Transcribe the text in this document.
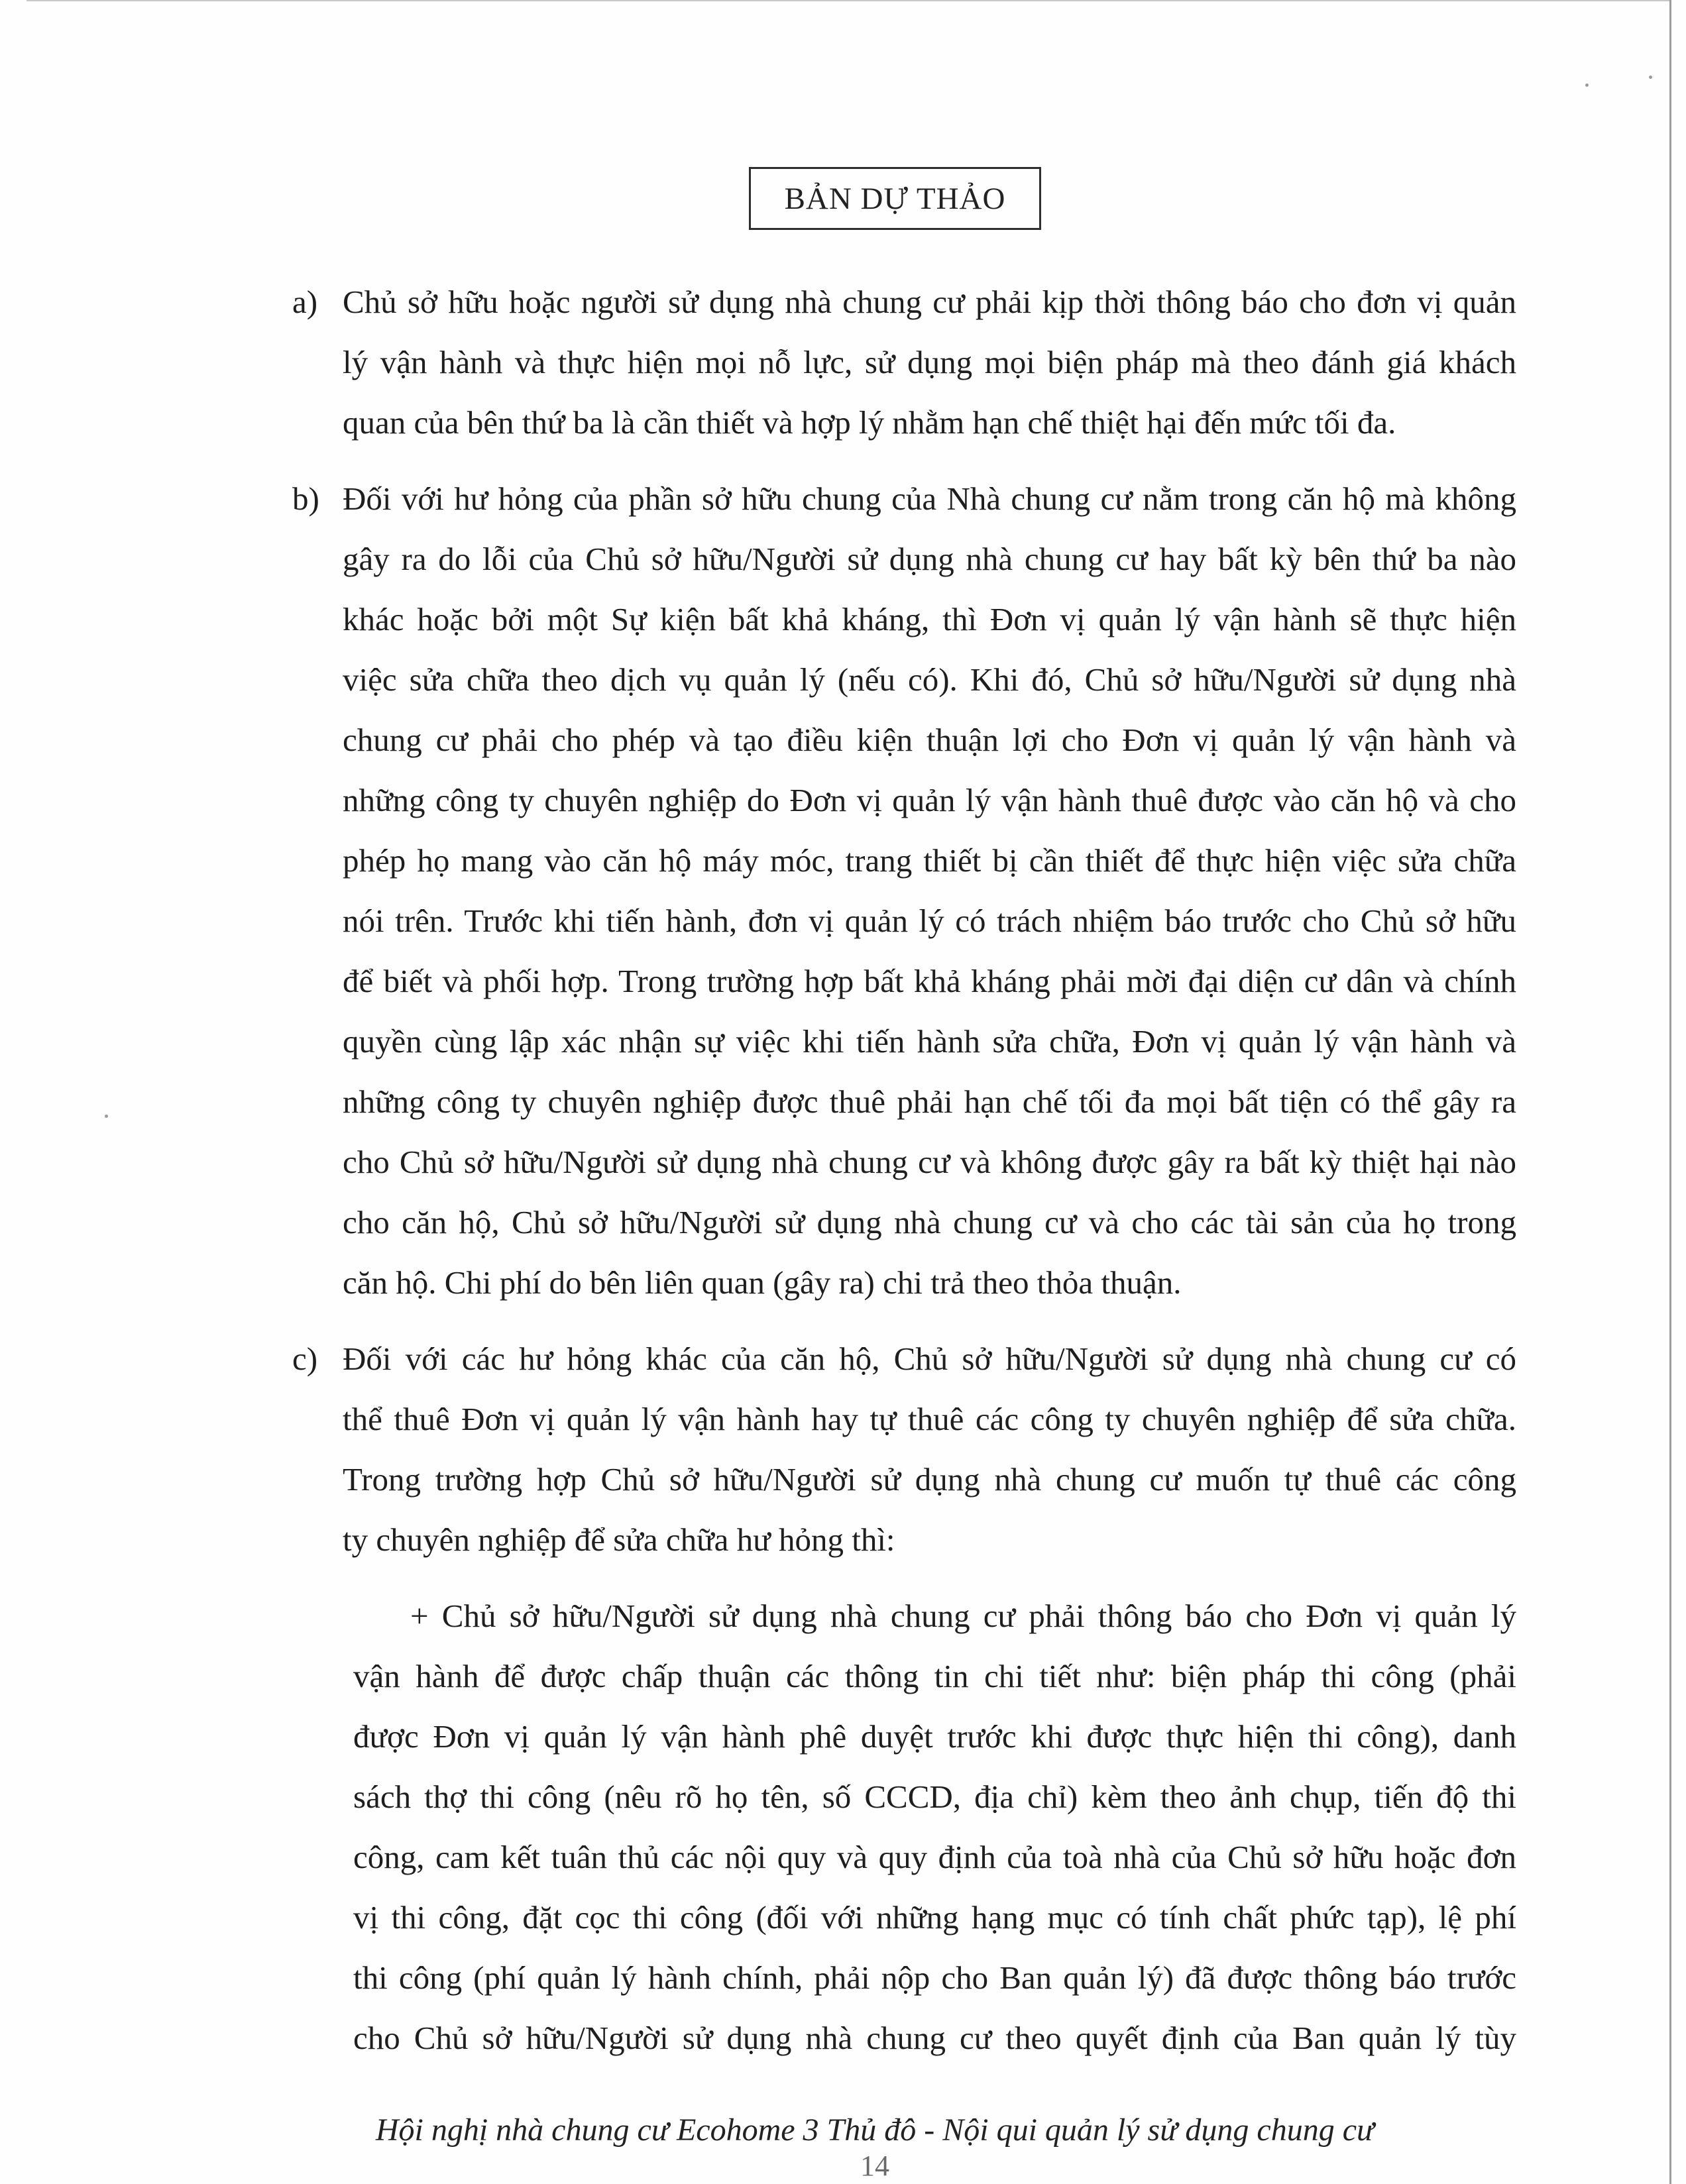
BẢN DỰ THẢO
a) Chủ sở hữu hoặc người sử dụng nhà chung cư phải kịp thời thông báo cho đơn vị quản
lý vận hành và thực hiện mọi nỗ lực, sử dụng mọi biện pháp mà theo đánh giá khách
quan của bên thứ ba là cần thiết và hợp lý nhằm hạn chế thiệt hại đến mức tối đa.
b) Đối với hư hỏng của phần sở hữu chung của Nhà chung cư nằm trong căn hộ mà không
gây ra do lỗi của Chủ sở hữu/Người sử dụng nhà chung cư hay bất kỳ bên thứ ba nào
khác hoặc bởi một Sự kiện bất khả kháng, thì Đơn vị quản lý vận hành sẽ thực hiện
việc sửa chữa theo dịch vụ quản lý (nếu có). Khi đó, Chủ sở hữu/Người sử dụng nhà
chung cư phải cho phép và tạo điều kiện thuận lợi cho Đơn vị quản lý vận hành và
những công ty chuyên nghiệp do Đơn vị quản lý vận hành thuê được vào căn hộ và cho
phép họ mang vào căn hộ máy móc, trang thiết bị cần thiết để thực hiện việc sửa chữa
nói trên. Trước khi tiến hành, đơn vị quản lý có trách nhiệm báo trước cho Chủ sở hữu
để biết và phối hợp. Trong trường hợp bất khả kháng phải mời đại diện cư dân và chính
quyền cùng lập xác nhận sự việc khi tiến hành sửa chữa, Đơn vị quản lý vận hành và
những công ty chuyên nghiệp được thuê phải hạn chế tối đa mọi bất tiện có thể gây ra
cho Chủ sở hữu/Người sử dụng nhà chung cư và không được gây ra bất kỳ thiệt hại nào
cho căn hộ, Chủ sở hữu/Người sử dụng nhà chung cư và cho các tài sản của họ trong
căn hộ. Chi phí do bên liên quan (gây ra) chi trả theo thỏa thuận.
c) Đối với các hư hỏng khác của căn hộ, Chủ sở hữu/Người sử dụng nhà chung cư có
thể thuê Đơn vị quản lý vận hành hay tự thuê các công ty chuyên nghiệp để sửa chữa.
Trong trường hợp Chủ sở hữu/Người sử dụng nhà chung cư muốn tự thuê các công
ty chuyên nghiệp để sửa chữa hư hỏng thì:
+ Chủ sở hữu/Người sử dụng nhà chung cư phải thông báo cho Đơn vị quản lý
vận hành để được chấp thuận các thông tin chi tiết như: biện pháp thi công (phải
được Đơn vị quản lý vận hành phê duyệt trước khi được thực hiện thi công), danh
sách thợ thi công (nêu rõ họ tên, số CCCD, địa chỉ) kèm theo ảnh chụp, tiến độ thi
công, cam kết tuân thủ các nội quy và quy định của toà nhà của Chủ sở hữu hoặc đơn
vị thi công, đặt cọc thi công (đối với những hạng mục có tính chất phức tạp), lệ phí
thi công (phí quản lý hành chính, phải nộp cho Ban quản lý) đã được thông báo trước
cho Chủ sở hữu/Người sử dụng nhà chung cư theo quyết định của Ban quản lý tùy
Hội nghị nhà chung cư Ecohome 3 Thủ đô - Nội qui quản lý sử dụng chung cư
14
